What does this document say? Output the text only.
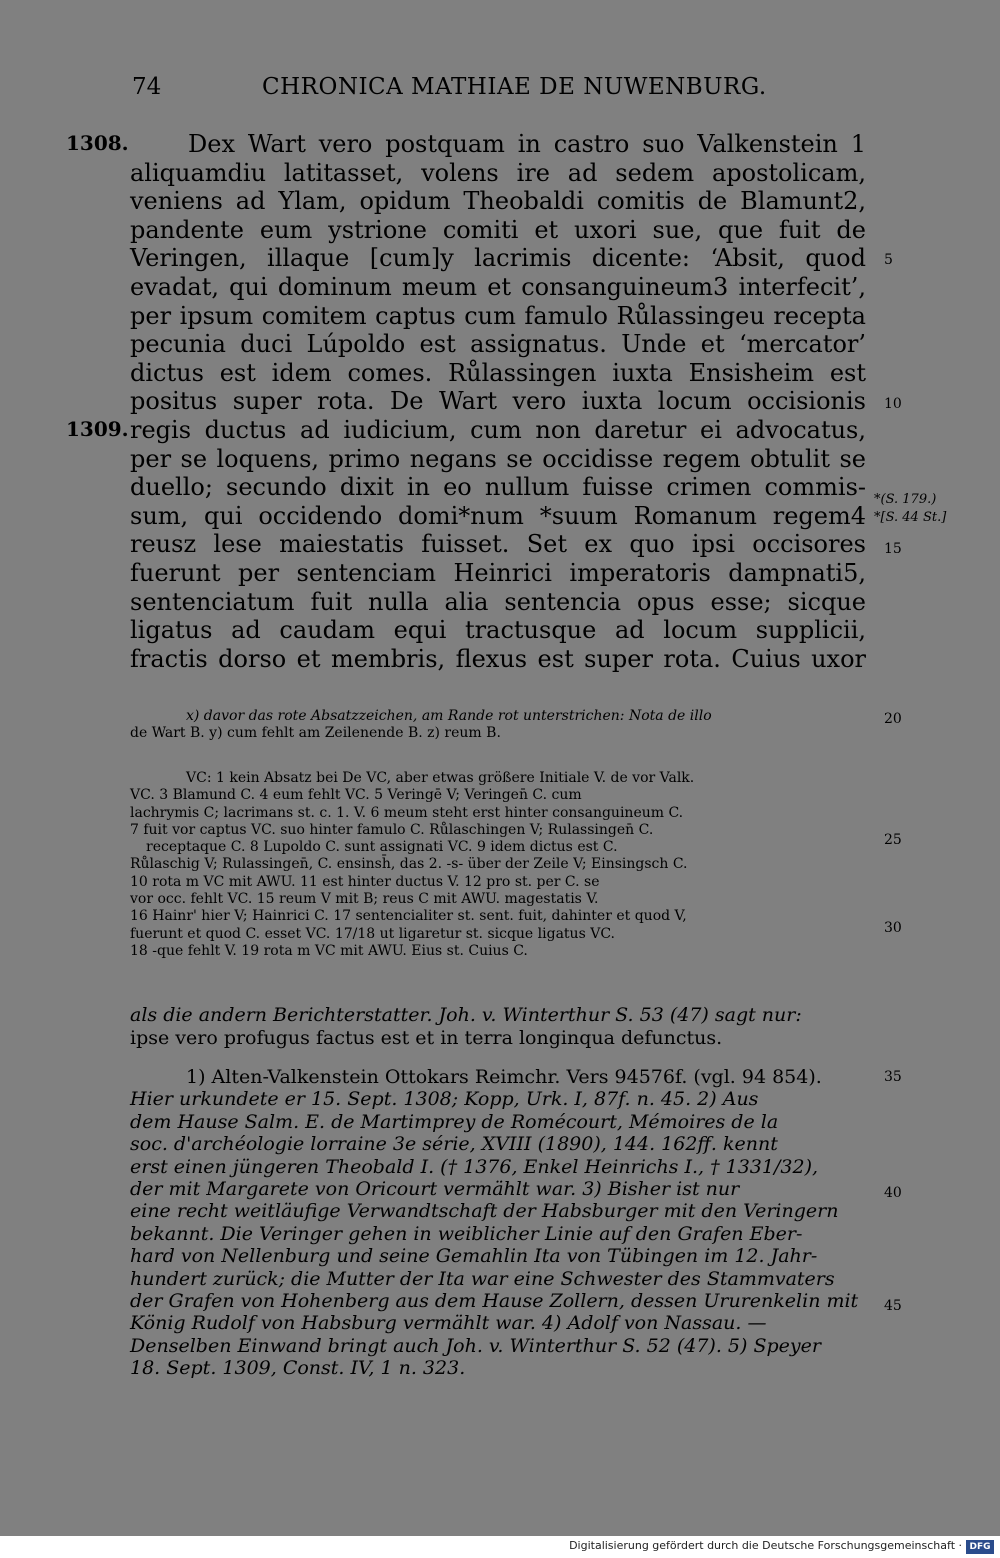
74	CHRONICA MATHIAE DE NUWENBURG.
1308.
1309.
Dex Wart vero postquam in castro suo Valkenstein 1
aliquamdiu latitasset, volens ire ad sedem apostolicam,
veniens ad Ylam, opidum Theobaldi comitis de Blamunt2,
pandente eum ystrione comiti et uxori sue, que fuit de
Veringen, illaque [cum]y lacrimis dicente: ‘Absit, quod
evadat, qui dominum meum et consanguineum3 interfecit’,
per ipsum comitem captus cum famulo Růlassingeu recepta
pecunia duci Lúpoldo est assignatus. Unde et ‘mercator’
dictus est idem comes. Růlassingen iuxta Ensisheim est
positus super rota. De Wart vero iuxta locum occisionis
regis ductus ad iudicium, cum non daretur ei advocatus,
per se loquens, primo negans se occidisse regem obtulit se
duello; secundo dixit in eo nullum fuisse crimen commis-
sum, qui occidendo domi*num *suum Romanum regem4
reusz lese maiestatis fuisset. Set ex quo ipsi occisores
fuerunt per sentenciam Heinrici imperatoris dampnati5,
sentenciatum fuit nulla alia sentencia opus esse; sicque
ligatus ad caudam equi tractusque ad locum supplicii,
fractis dorso et membris, flexus est super rota. Cuius uxor
5
10
15
20
25
30
35
40
45
*(S. 179.)
*[S. 44 St.]
x) davor das rote Absatzzeichen, am Rande rot unterstrichen: Nota de illo
de Wart B. y) cum fehlt am Zeilenende B. z) reum B.
VC: 1 kein Absatz bei De VC, aber etwas größere Initiale V. de vor Valk.
VC. 3 Blamund C. 4 eum fehlt VC. 5 Veringē V; Veringen̄ C. cum
lachrymis C; lacrimans st. c. 1. V. 6 meum steht erst hinter consanguineum C.
7 fuit vor captus VC. suo hinter famulo C. Růlaschingen V; Rulassingen̄ C.
receptaque C. 8 Lupoldo C. sunt assignati VC. 9 idem dictus est C.
Růlaschig V; Rulassingen̄, C. ensinsh̄, das 2. -s- über der Zeile V; Einsingsch C.
10 rota m VC mit AWU. 11 est hinter ductus V. 12 pro st. per C. se
vor occ. fehlt VC. 15 reum V mit B; reus C mit AWU. magestatis V.
16 Hainr' hier V; Hainrici C. 17 sentencialiter st. sent. fuit, dahinter et quod V,
fuerunt et quod C. esset VC. 17/18 ut ligaretur st. sicque ligatus VC.
18 -que fehlt V. 19 rota m VC mit AWU. Eius st. Cuius C.
als die andern Berichterstatter. Joh. v. Winterthur S. 53 (47) sagt nur:
ipse vero profugus factus est et in terra longinqua defunctus.
1) Alten-Valkenstein Ottokars Reimchr. Vers 94576f. (vgl. 94 854).
Hier urkundete er 15. Sept. 1308; Kopp, Urk. I, 87f. n. 45. 2) Aus
dem Hause Salm. E. de Martimprey de Romécourt, Mémoires de la
soc. d'archéologie lorraine 3e série, XVIII (1890), 144. 162ff. kennt
erst einen jüngeren Theobald I. († 1376, Enkel Heinrichs I., † 1331/32),
der mit Margarete von Oricourt vermählt war. 3) Bisher ist nur
eine recht weitläufige Verwandtschaft der Habsburger mit den Veringern
bekannt. Die Veringer gehen in weiblicher Linie auf den Grafen Eber-
hard von Nellenburg und seine Gemahlin Ita von Tübingen im 12. Jahr-
hundert zurück; die Mutter der Ita war eine Schwester des Stammvaters
der Grafen von Hohenberg aus dem Hause Zollern, dessen Ururenkelin mit
König Rudolf von Habsburg vermählt war. 4) Adolf von Nassau. —
Denselben Einwand bringt auch Joh. v. Winterthur S. 52 (47). 5) Speyer
18. Sept. 1309, Const. IV, 1 n. 323.
Digitalisierung gefördert durch die Deutsche Forschungsgemeinschaft · DFG
